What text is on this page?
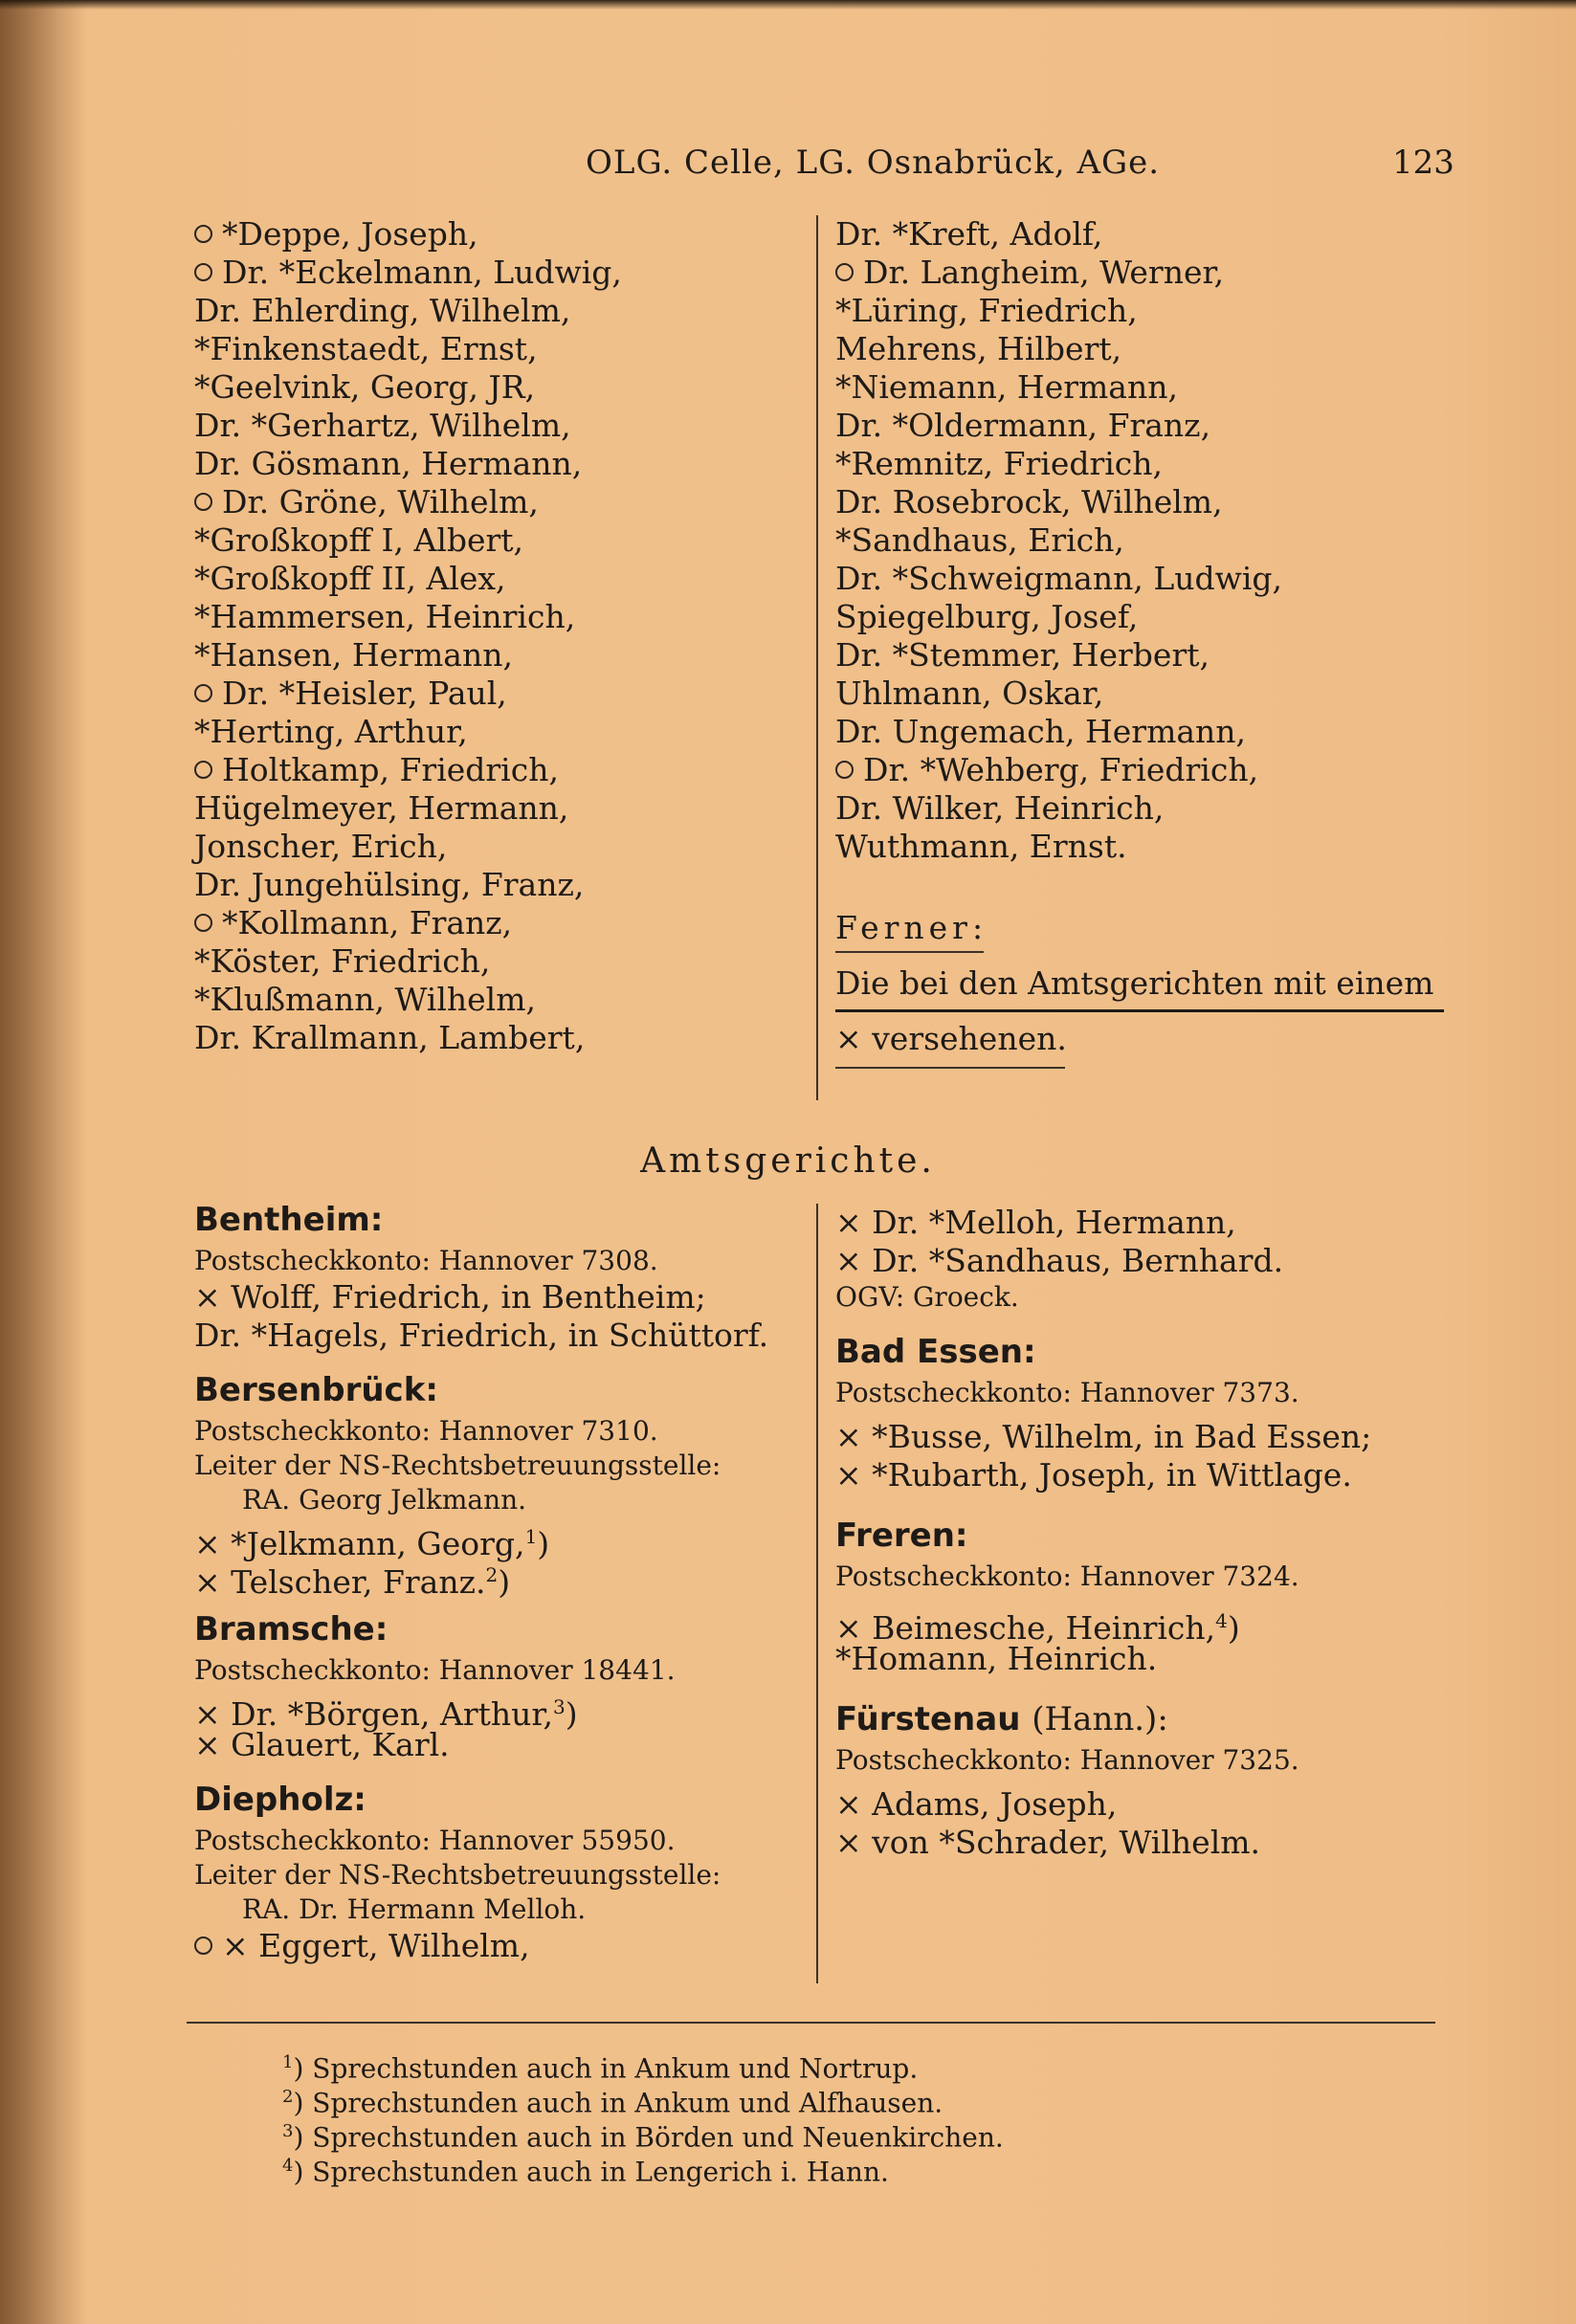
OLG. Celle, LG. Osnabrück, AGe.	123
*Deppe, Joseph,
Dr. *Eckelmann, Ludwig,
Dr. Ehlerding, Wilhelm,
*Finkenstaedt, Ernst,
*Geelvink, Georg, JR,
Dr. *Gerhartz, Wilhelm,
Dr. Gösmann, Hermann,
Dr. Gröne, Wilhelm,
*Großkopff I, Albert,
*Großkopff II, Alex,
*Hammersen, Heinrich,
*Hansen, Hermann,
Dr. *Heisler, Paul,
*Herting, Arthur,
Holtkamp, Friedrich,
Hügelmeyer, Hermann,
Jonscher, Erich,
Dr. Jungehülsing, Franz,
*Kollmann, Franz,
*Köster, Friedrich,
*Klußmann, Wilhelm,
Dr. Krallmann, Lambert,
Dr. *Kreft, Adolf,
Dr. Langheim, Werner,
*Lüring, Friedrich,
Mehrens, Hilbert,
*Niemann, Hermann,
Dr. *Oldermann, Franz,
*Remnitz, Friedrich,
Dr. Rosebrock, Wilhelm,
*Sandhaus, Erich,
Dr. *Schweigmann, Ludwig,
Spiegelburg, Josef,
Dr. *Stemmer, Herbert,
Uhlmann, Oskar,
Dr. Ungemach, Hermann,
Dr. *Wehberg, Friedrich,
Dr. Wilker, Heinrich,
Wuthmann, Ernst.
Ferner:
Die bei den Amtsgerichten mit einem
× versehenen.
Amtsgerichte.
Bentheim:
Postscheckkonto: Hannover 7308.
× Wolff, Friedrich, in Bentheim;
Dr. *Hagels, Friedrich, in Schüttorf.
Bersenbrück:
Postscheckkonto: Hannover 7310.
Leiter der NS-Rechtsbetreuungsstelle:
RA. Georg Jelkmann.
× *Jelkmann, Georg,$^1$)
× Telscher, Franz.$^2$)
Bramsche:
Postscheckkonto: Hannover 18441.
× Dr. *Börgen, Arthur,$^3$)
× Glauert, Karl.
Diepholz:
Postscheckkonto: Hannover 55950.
Leiter der NS-Rechtsbetreuungsstelle:
RA. Dr. Hermann Melloh.
× Eggert, Wilhelm,
× Dr. *Melloh, Hermann,
× Dr. *Sandhaus, Bernhard.
OGV: Groeck.
Bad Essen:
Postscheckkonto: Hannover 7373.
× *Busse, Wilhelm, in Bad Essen;
× *Rubarth, Joseph, in Wittlage.
Freren:
Postscheckkonto: Hannover 7324.
× Beimesche, Heinrich,$^4$)
*Homann, Heinrich.
Fürstenau (Hann.):
Postscheckkonto: Hannover 7325.
× Adams, Joseph,
× von *Schrader, Wilhelm.
$^1$) Sprechstunden auch in Ankum und Nortrup.
$^2$) Sprechstunden auch in Ankum und Alfhausen.
$^3$) Sprechstunden auch in Börden und Neuenkirchen.
$^4$) Sprechstunden auch in Lengerich i. Hann.
